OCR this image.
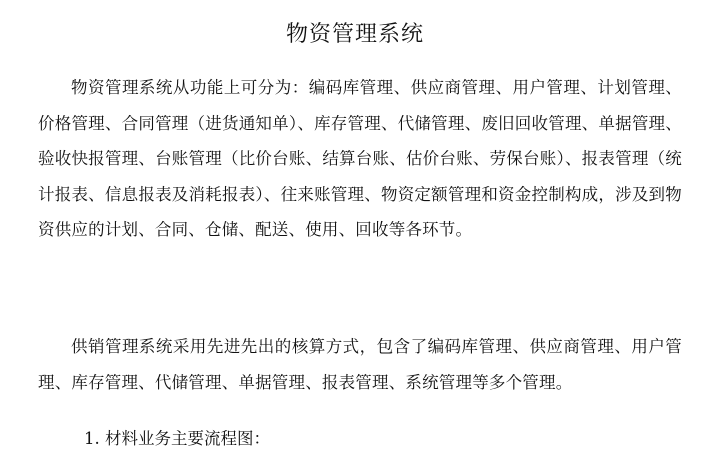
物资管理系统

物资管理系统从功能上可分为：编码库管理、供应商管理、用户管理、计划管理、价格管理、合同管理（进货通知单）、库存管理、代储管理、废旧回收管理、单据管理、验收快报管理、台账管理（比价台账、结算台账、估价台账、劳保台账）、报表管理（统计报表、信息报表及消耗报表）、往来账管理、物资定额管理和资金控制构成，涉及到物资供应的计划、合同、仓储、配送、使用、回收等各环节。

供销管理系统采用先进先出的核算方式，包含了编码库管理、供应商管理、用户管理、库存管理、代储管理、单据管理、报表管理、系统管理等多个管理。

1. 材料业务主要流程图：
